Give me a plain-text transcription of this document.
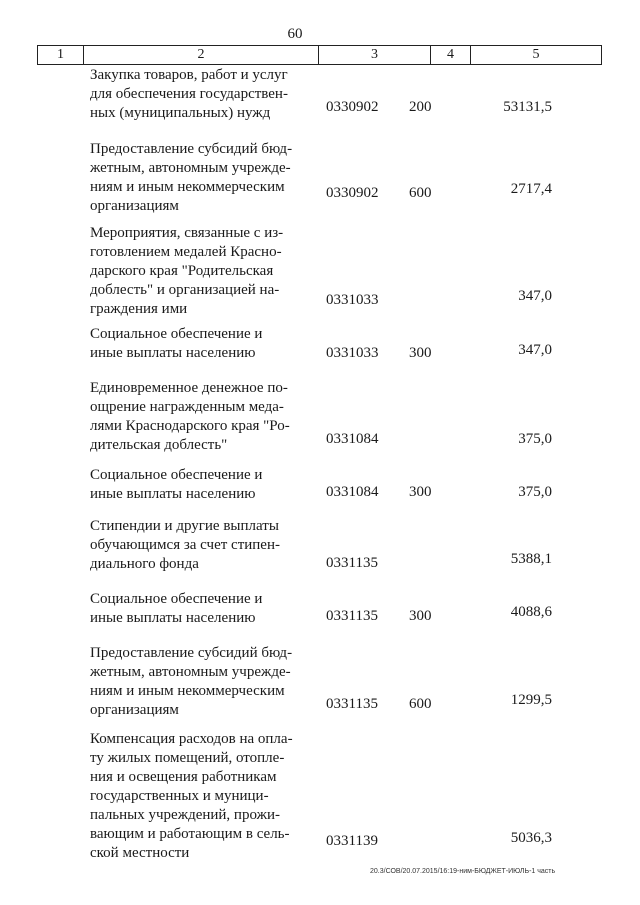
60
1	2	3	4	5
Закупка товаров, работ и услуг
для обеспечения государствен-
ных (муниципальных) нужд	0330902 200	53131,5
Предоставление субсидий бюд-
жетным, автономным учрежде-
ниям и иным некоммерческим
организациям
0330902 600	2717,4
Мероприятия, связанные с из-
готовлением медалей Красно-
дарского края "Родительская
доблесть" и организацией на-
граждения ими
0331033	347,0
Социальное обеспечение и
иные выплаты населению	0331033 300	347,0
Единовременное денежное по-
ощрение награжденным меда-
лями Краснодарского края "Ро-
дительская доблесть"	0331084	375,0
Социальное обеспечение и
иные выплаты населению	0331084 300	375,0
Стипендии и другие выплаты
обучающимся за счет стипен-
диального фонда	0331135	5388,1
Социальное обеспечение и
иные выплаты населению	0331135 300	4088,6
Предоставление субсидий бюд-
жетным, автономным учрежде-
ниям и иным некоммерческим
организациям	0331135 600	1299,5
Компенсация расходов на опла-
ту жилых помещений, отопле-
ния и освещения работникам
государственных и муници-
пальных учреждений, прожи-
вающим и работающим в сель-
ской местности
0331139	5036,3
20.3/СОВ/20.07.2015/16:19-ним-БЮДЖЕТ-ИЮЛЬ-1 часть
